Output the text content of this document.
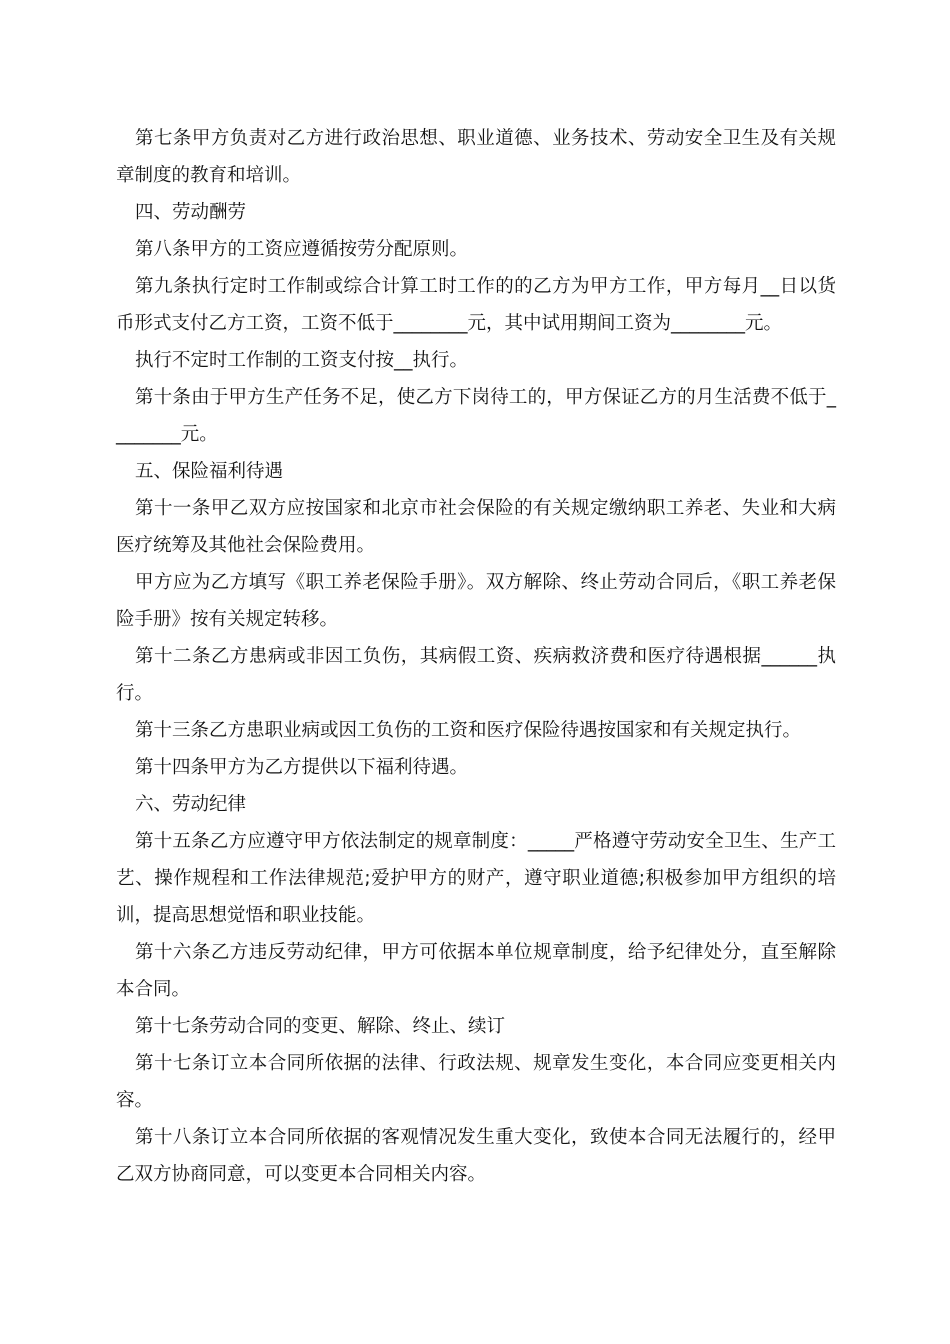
第七条甲方负责对乙方进行政治思想、职业道德、业务技术、劳动安全卫生及有关规章制度的教育和培训。

四、劳动酬劳

第八条甲方的工资应遵循按劳分配原则。

第九条执行定时工作制或综合计算工时工作的的乙方为甲方工作，甲方每月__日以货币形式支付乙方工资，工资不低于________元，其中试用期间工资为________元。

执行不定时工作制的工资支付按__执行。

第十条由于甲方生产任务不足，使乙方下岗待工的，甲方保证乙方的月生活费不低于________元。

五、保险福利待遇

第十一条甲乙双方应按国家和北京市社会保险的有关规定缴纳职工养老、失业和大病医疗统筹及其他社会保险费用。

甲方应为乙方填写《职工养老保险手册》。双方解除、终止劳动合同后，《职工养老保险手册》按有关规定转移。

第十二条乙方患病或非因工负伤，其病假工资、疾病救济费和医疗待遇根据______执行。

第十三条乙方患职业病或因工负伤的工资和医疗保险待遇按国家和有关规定执行。

第十四条甲方为乙方提供以下福利待遇。

六、劳动纪律

第十五条乙方应遵守甲方依法制定的规章制度：_____严格遵守劳动安全卫生、生产工艺、操作规程和工作法律规范;爱护甲方的财产，遵守职业道德;积极参加甲方组织的培训，提高思想觉悟和职业技能。

第十六条乙方违反劳动纪律，甲方可依据本单位规章制度，给予纪律处分，直至解除本合同。

第十七条劳动合同的变更、解除、终止、续订

第十七条订立本合同所依据的法律、行政法规、规章发生变化，本合同应变更相关内容。

第十八条订立本合同所依据的客观情况发生重大变化，致使本合同无法履行的，经甲乙双方协商同意，可以变更本合同相关内容。
